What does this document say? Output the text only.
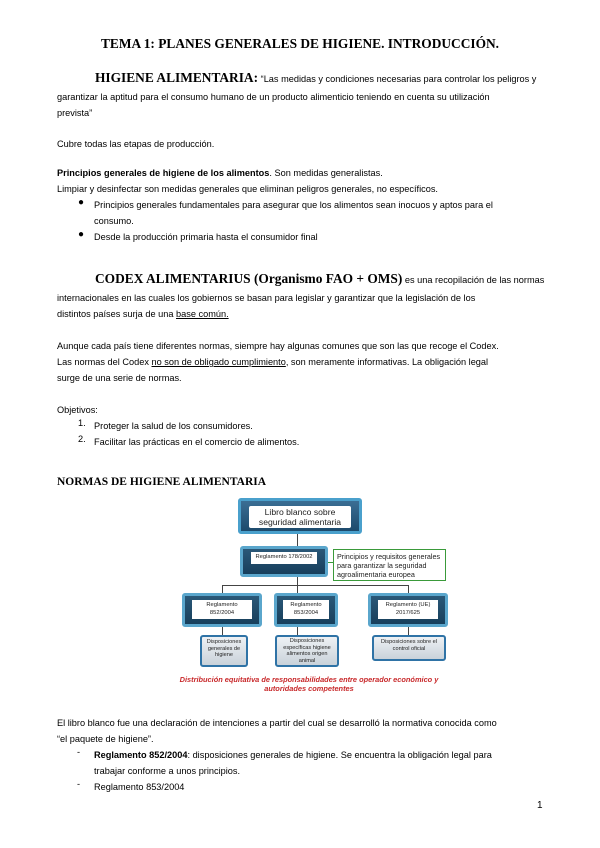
TEMA 1: PLANES GENERALES DE HIGIENE. INTRODUCCIÓN.
HIGIENE ALIMENTARIA: “Las medidas y condiciones necesarias para controlar los peligros y
garantizar la aptitud para el consumo humano de un producto alimenticio teniendo en cuenta su utilización
prevista”
Cubre todas las etapas de producción.
Principios generales de higiene de los alimentos. Son medidas generalistas.
Limpiar y desinfectar son medidas generales que eliminan peligros generales, no específicos.
● Principios generales fundamentales para asegurar que los alimentos sean inocuos y aptos para el
consumo.
● Desde la producción primaria hasta el consumidor final
CODEX ALIMENTARIUS (Organismo FAO + OMS) es una recopilación de las normas
internacionales en las cuales los gobiernos se basan para legislar y garantizar que la legislación de los
distintos países surja de una base común.
Aunque cada país tiene diferentes normas, siempre hay algunas comunes que son las que recoge el Codex.
Las normas del Codex no son de obligado cumplimiento, son meramente informativas. La obligación legal
surge de una serie de normas.
Objetivos:
1. Proteger la salud de los consumidores.
2. Facilitar las prácticas en el comercio de alimentos.
NORMAS DE HIGIENE ALIMENTARIA
Libro blanco sobre seguridad alimentaria
Reglamento 178/2002	Principios y requisitos generales para garantizar la seguridad agroalimentaria europea
Reglamento 852/2004
Reglamento 853/2004
Reglamento (UE) 2017/625
Disposiciones generales de higiene
Disposiciones específicas higiene alimentos origen animal
Disposiciones sobre el control oficial
Distribución equitativa de responsabilidades entre operador económico y autoridades competentes
El libro blanco fue una declaración de intenciones a partir del cual se desarrolló la normativa conocida como
“el paquete de higiene”.
- Reglamento 852/2004: disposiciones generales de higiene. Se encuentra la obligación legal para
trabajar conforme a unos principios.
- Reglamento 853/2004
1
